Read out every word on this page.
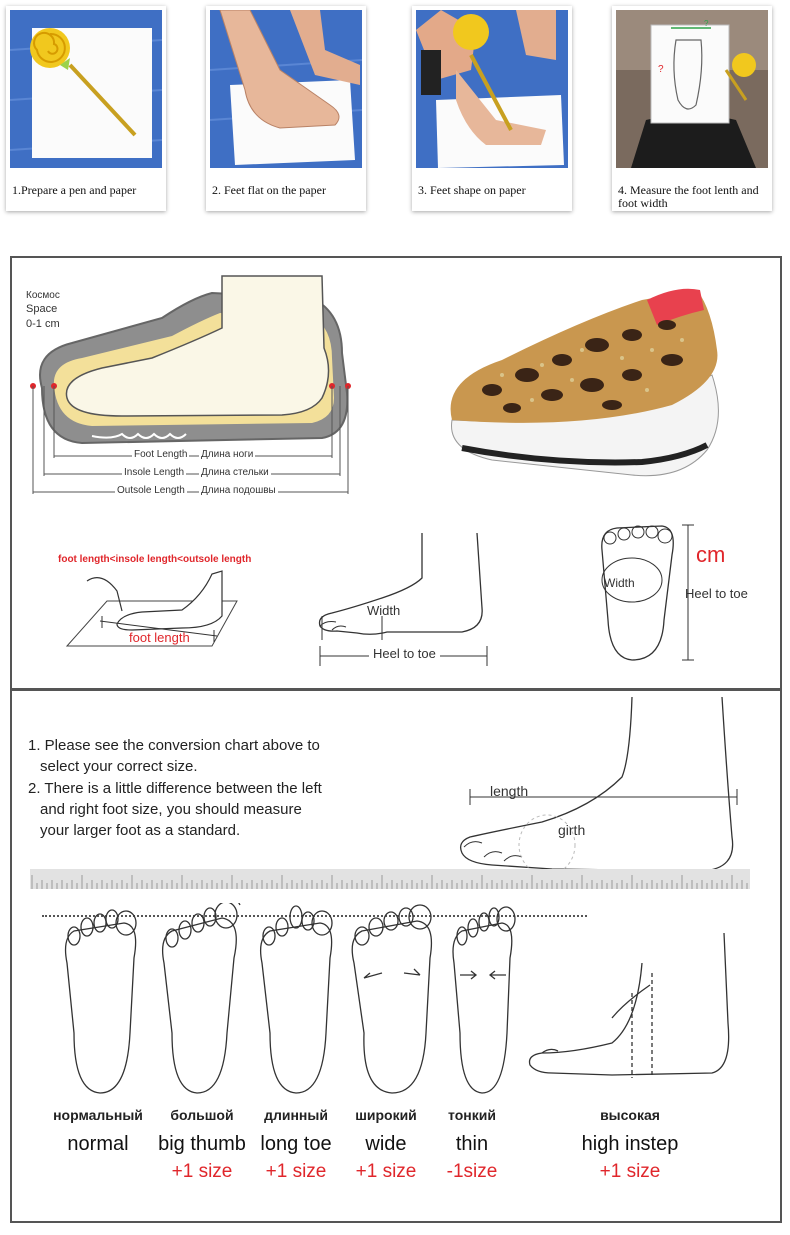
1.Prepare a pen and paper	2. Feet flat on the paper	3. Feet shape on paper
?
?
4. Measure the foot lenth and foot width
Космос
Space
0-1 cm
Foot Length Длина ноги
Insole Length Длина стельки
Outsole Length Длина подошвы
foot length<insole length<outsole length
foot length
Width
Heel to toe
Width
cm
Heel to toe
1. Please see the conversion chart above to
select your correct size.
2. There is a little difference between the left
and right foot size, you should measure
your larger foot as a standard.
length
girth
нормальный
normal
большой
big thumb
+1 size
длинный
long toe
+1 size
широкий
wide
+1 size
тонкий
thin
-1size
высокая
high instep
+1 size
